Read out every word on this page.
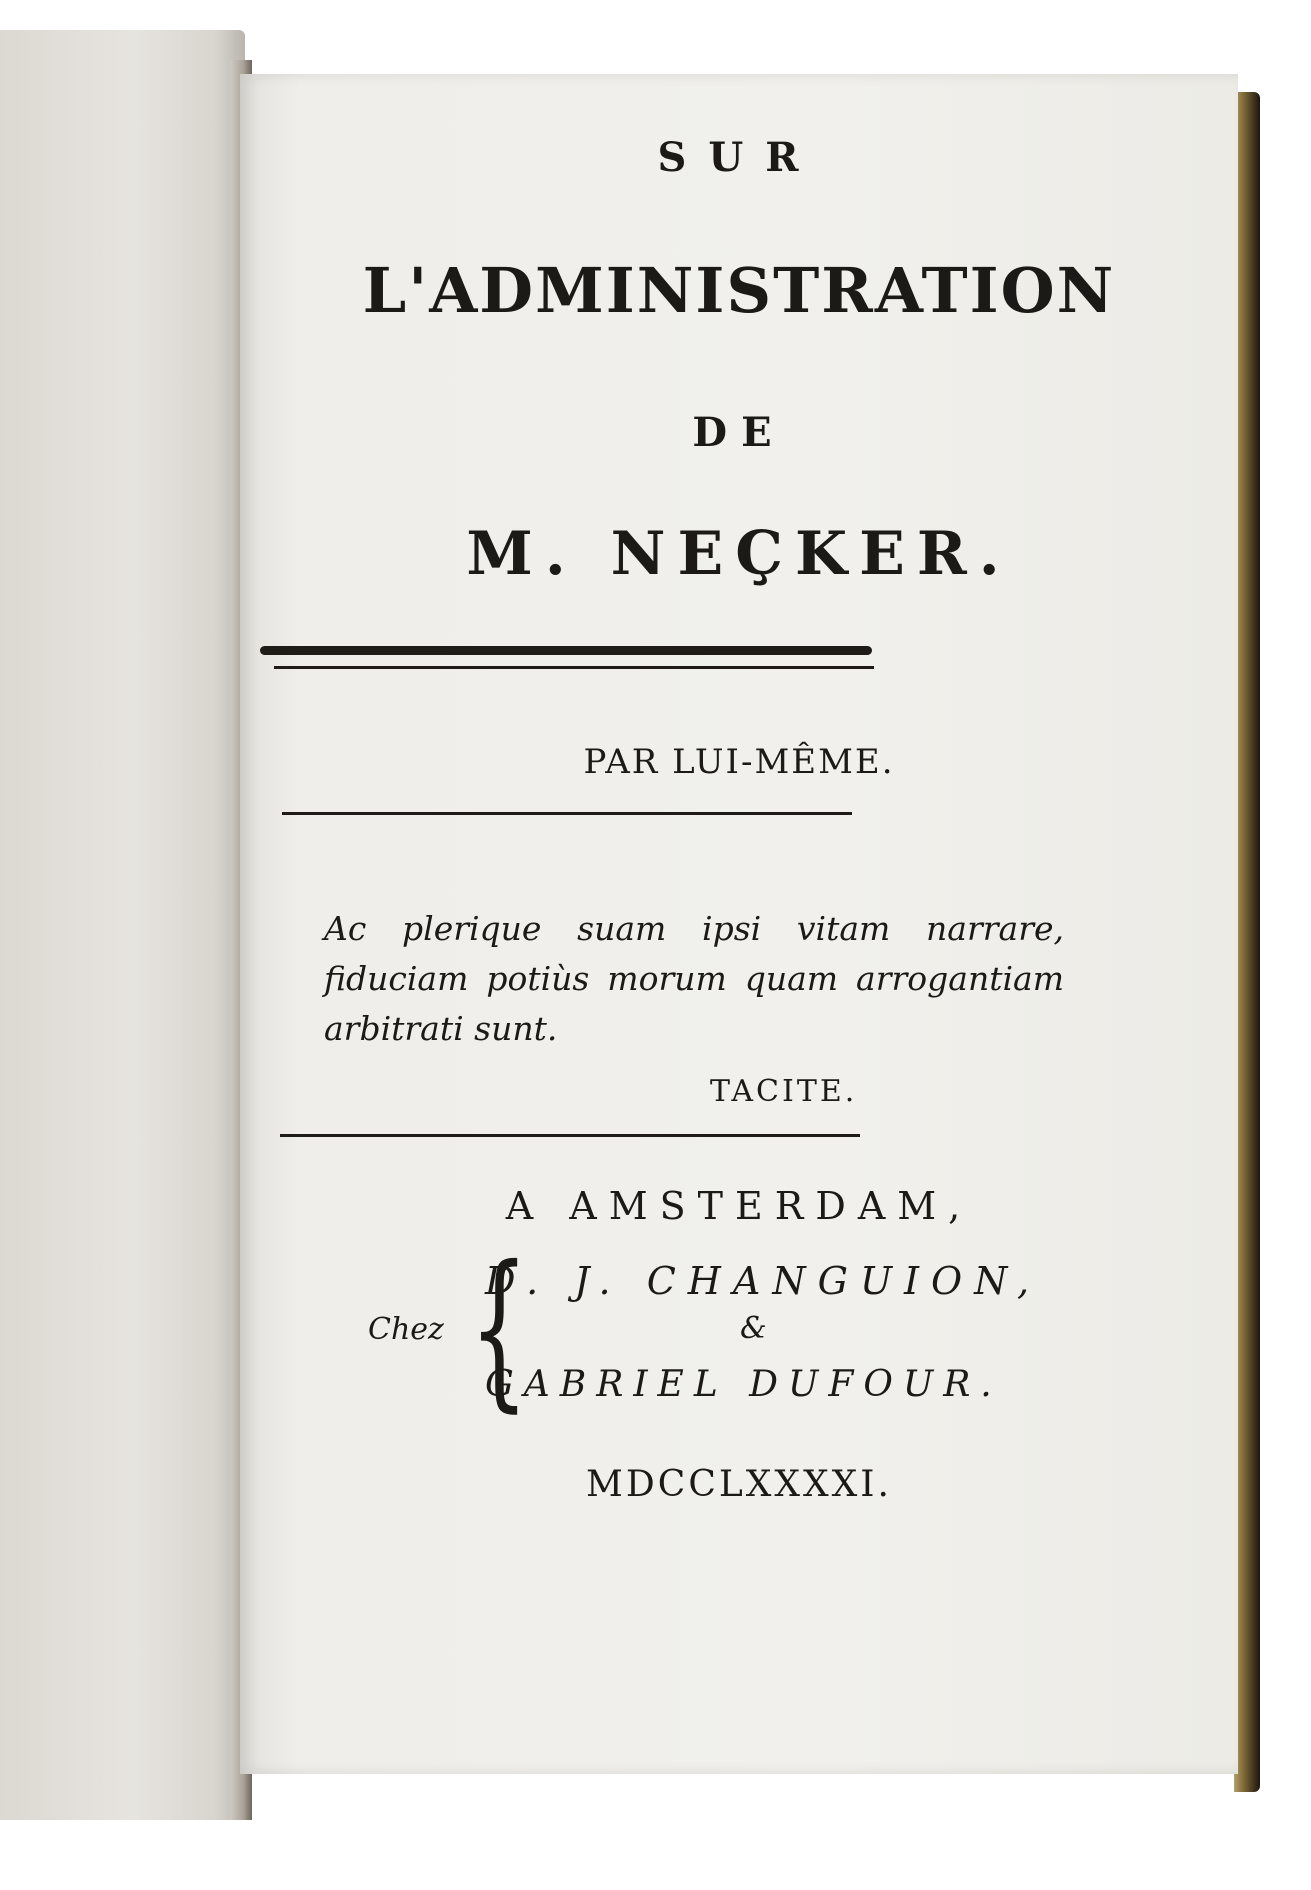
SUR
L'ADMINISTRATION
DE
M. NEÇKER.
PAR LUI-MÊME.
Ac plerique suam ipsi vitam narrare, fiduciam potiùs morum quam arrogantiam arbitrati sunt.
TACITE.
A AMSTERDAM,
Chez {
D. J. CHANGUION,
&
GABRIEL DUFOUR.
MDCCLXXXXI.
